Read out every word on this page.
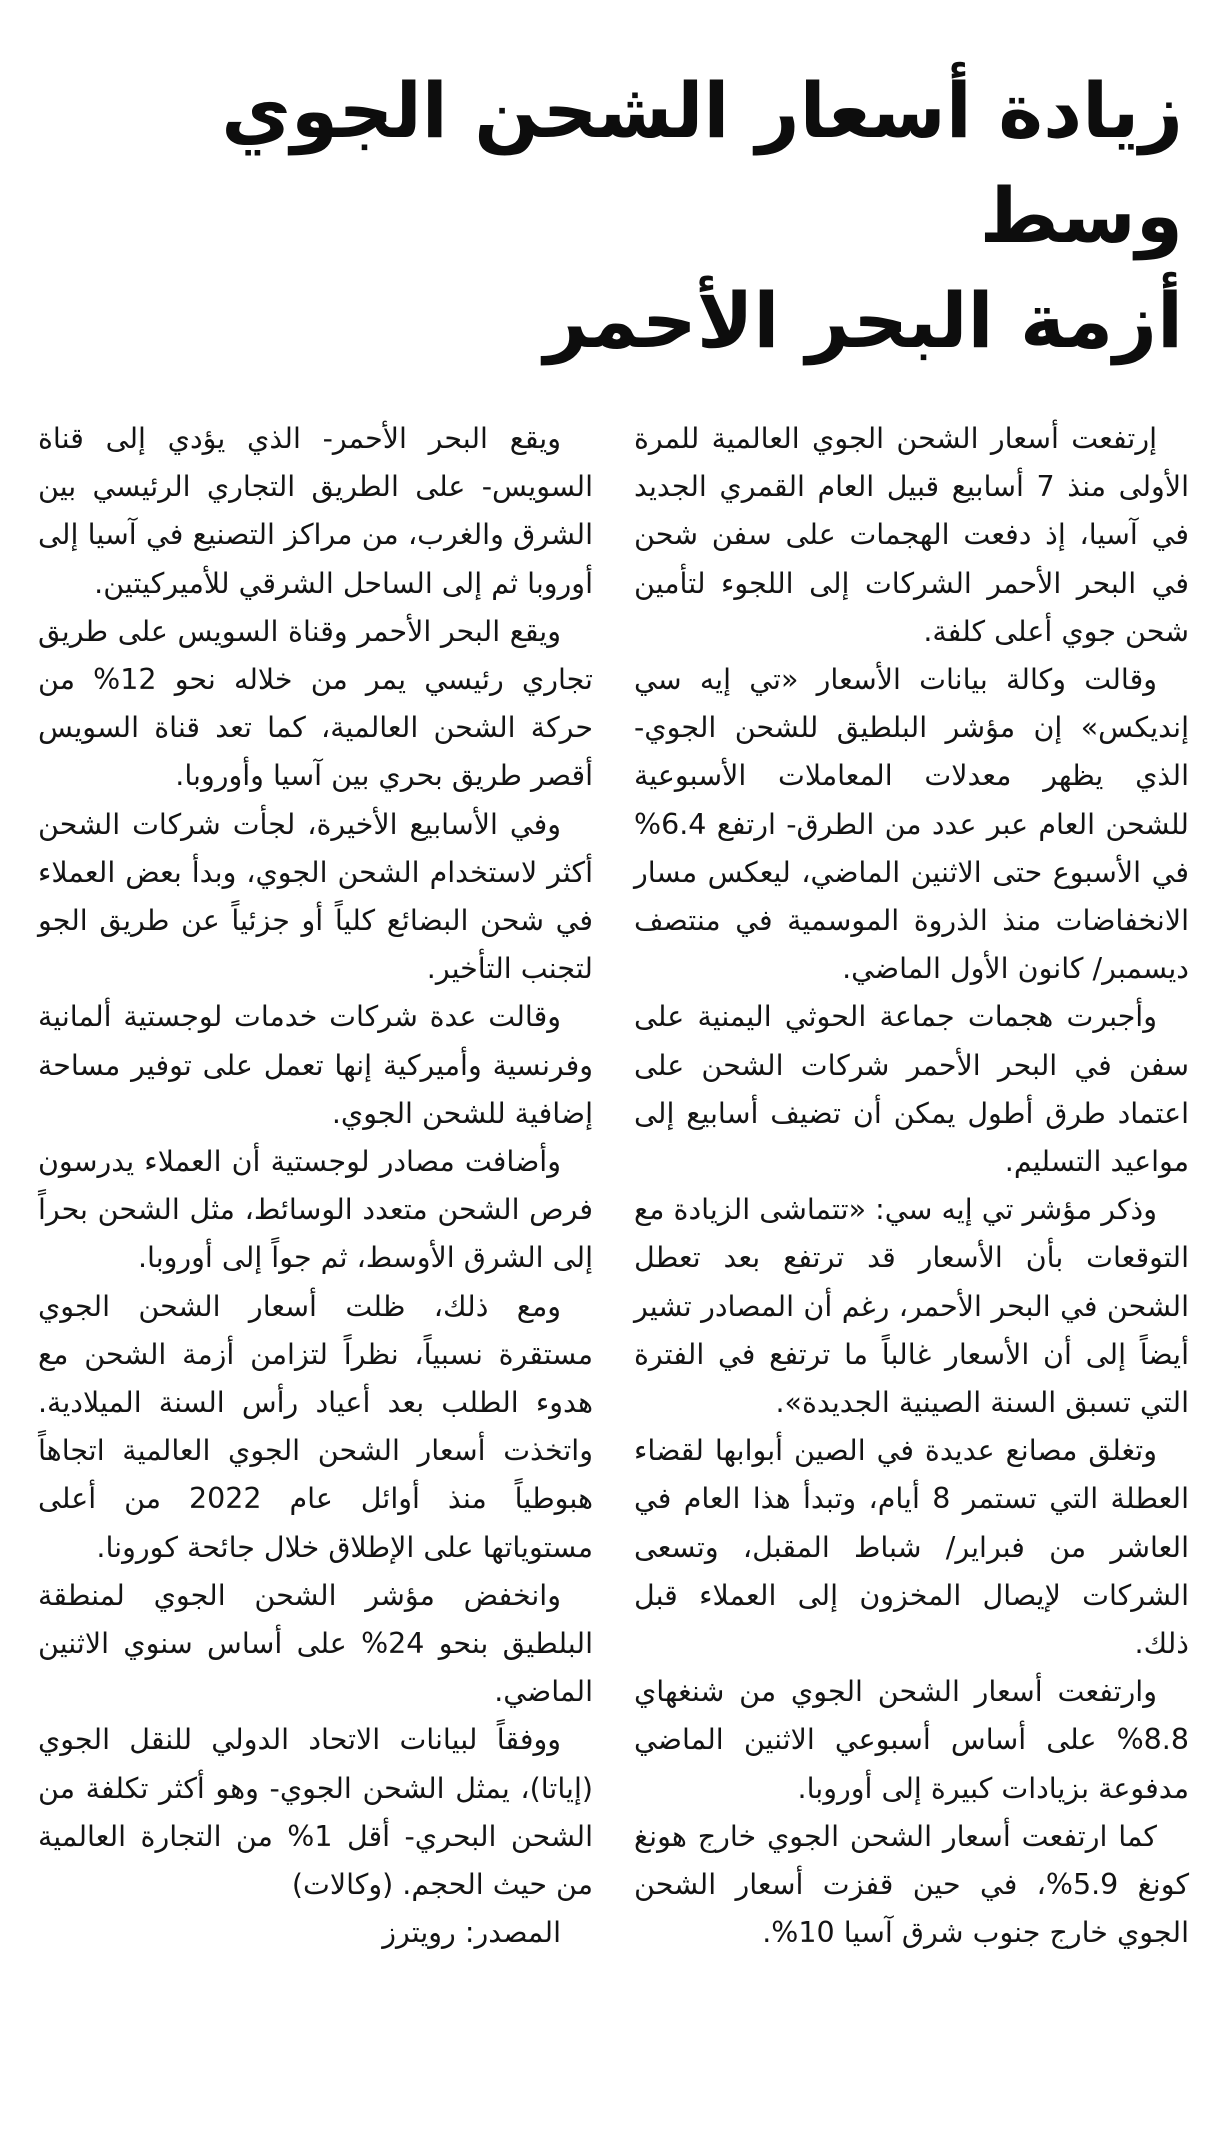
زيادة أسعار الشحن الجوي وسط
أزمة البحر الأحمر

إرتفعت أسعار الشحن الجوي العالمية للمرة الأولى منذ 7 أسابيع قبيل العام القمري الجديد في آسيا، إذ دفعت الهجمات على سفن شحن في البحر الأحمر الشركات إلى اللجوء لتأمين شحن جوي أعلى كلفة.

وقالت وكالة بيانات الأسعار «تي إيه سي إنديكس» إن مؤشر البلطيق للشحن الجوي- الذي يظهر معدلات المعاملات الأسبوعية للشحن العام عبر عدد من الطرق- ارتفع 6.4% في الأسبوع حتى الاثنين الماضي، ليعكس مسار الانخفاضات منذ الذروة الموسمية في منتصف ديسمبر/ كانون الأول الماضي.

وأجبرت هجمات جماعة الحوثي اليمنية على سفن في البحر الأحمر شركات الشحن على اعتماد طرق أطول يمكن أن تضيف أسابيع إلى مواعيد التسليم.

وذكر مؤشر تي إيه سي: «تتماشى الزيادة مع التوقعات بأن الأسعار قد ترتفع بعد تعطل الشحن في البحر الأحمر، رغم أن المصادر تشير أيضاً إلى أن الأسعار غالباً ما ترتفع في الفترة التي تسبق السنة الصينية الجديدة».

وتغلق مصانع عديدة في الصين أبوابها لقضاء العطلة التي تستمر 8 أيام، وتبدأ هذا العام في العاشر من فبراير/ شباط المقبل، وتسعى الشركات لإيصال المخزون إلى العملاء قبل ذلك.

وارتفعت أسعار الشحن الجوي من شنغهاي 8.8% على أساس أسبوعي الاثنين الماضي مدفوعة بزيادات كبيرة إلى أوروبا.

كما ارتفعت أسعار الشحن الجوي خارج هونغ كونغ 5.9%، في حين قفزت أسعار الشحن الجوي خارج جنوب شرق آسيا 10%.

ويقع البحر الأحمر- الذي يؤدي إلى قناة السويس- على الطريق التجاري الرئيسي بين الشرق والغرب، من مراكز التصنيع في آسيا إلى أوروبا ثم إلى الساحل الشرقي للأميركيتين.

ويقع البحر الأحمر وقناة السويس على طريق تجاري رئيسي يمر من خلاله نحو 12% من حركة الشحن العالمية، كما تعد قناة السويس أقصر طريق بحري بين آسيا وأوروبا.

وفي الأسابيع الأخيرة، لجأت شركات الشحن أكثر لاستخدام الشحن الجوي، وبدأ بعض العملاء في شحن البضائع كلياً أو جزئياً عن طريق الجو لتجنب التأخير.

وقالت عدة شركات خدمات لوجستية ألمانية وفرنسية وأميركية إنها تعمل على توفير مساحة إضافية للشحن الجوي.

وأضافت مصادر لوجستية أن العملاء يدرسون فرص الشحن متعدد الوسائط، مثل الشحن بحراً إلى الشرق الأوسط، ثم جواً إلى أوروبا.

ومع ذلك، ظلت أسعار الشحن الجوي مستقرة نسبياً، نظراً لتزامن أزمة الشحن مع هدوء الطلب بعد أعياد رأس السنة الميلادية. واتخذت أسعار الشحن الجوي العالمية اتجاهاً هبوطياً منذ أوائل عام 2022 من أعلى مستوياتها على الإطلاق خلال جائحة كورونا.

وانخفض مؤشر الشحن الجوي لمنطقة البلطيق بنحو 24% على أساس سنوي الاثنين الماضي.

ووفقاً لبيانات الاتحاد الدولي للنقل الجوي (إياتا)، يمثل الشحن الجوي- وهو أكثر تكلفة من الشحن البحري- أقل 1% من التجارة العالمية من حيث الحجم. (وكالات)

المصدر: رويترز
